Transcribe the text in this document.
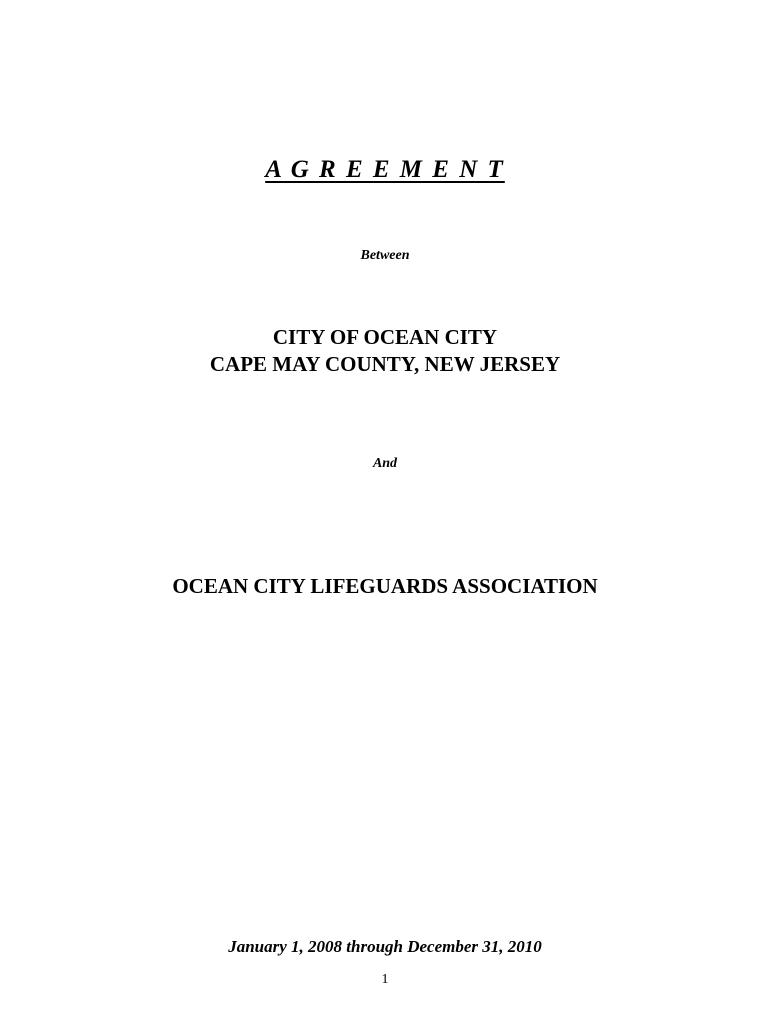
A G R E E M E N T
Between
CITY OF OCEAN CITY
CAPE MAY COUNTY, NEW JERSEY
And
OCEAN CITY LIFEGUARDS ASSOCIATION
January 1, 2008 through December 31, 2010
1
